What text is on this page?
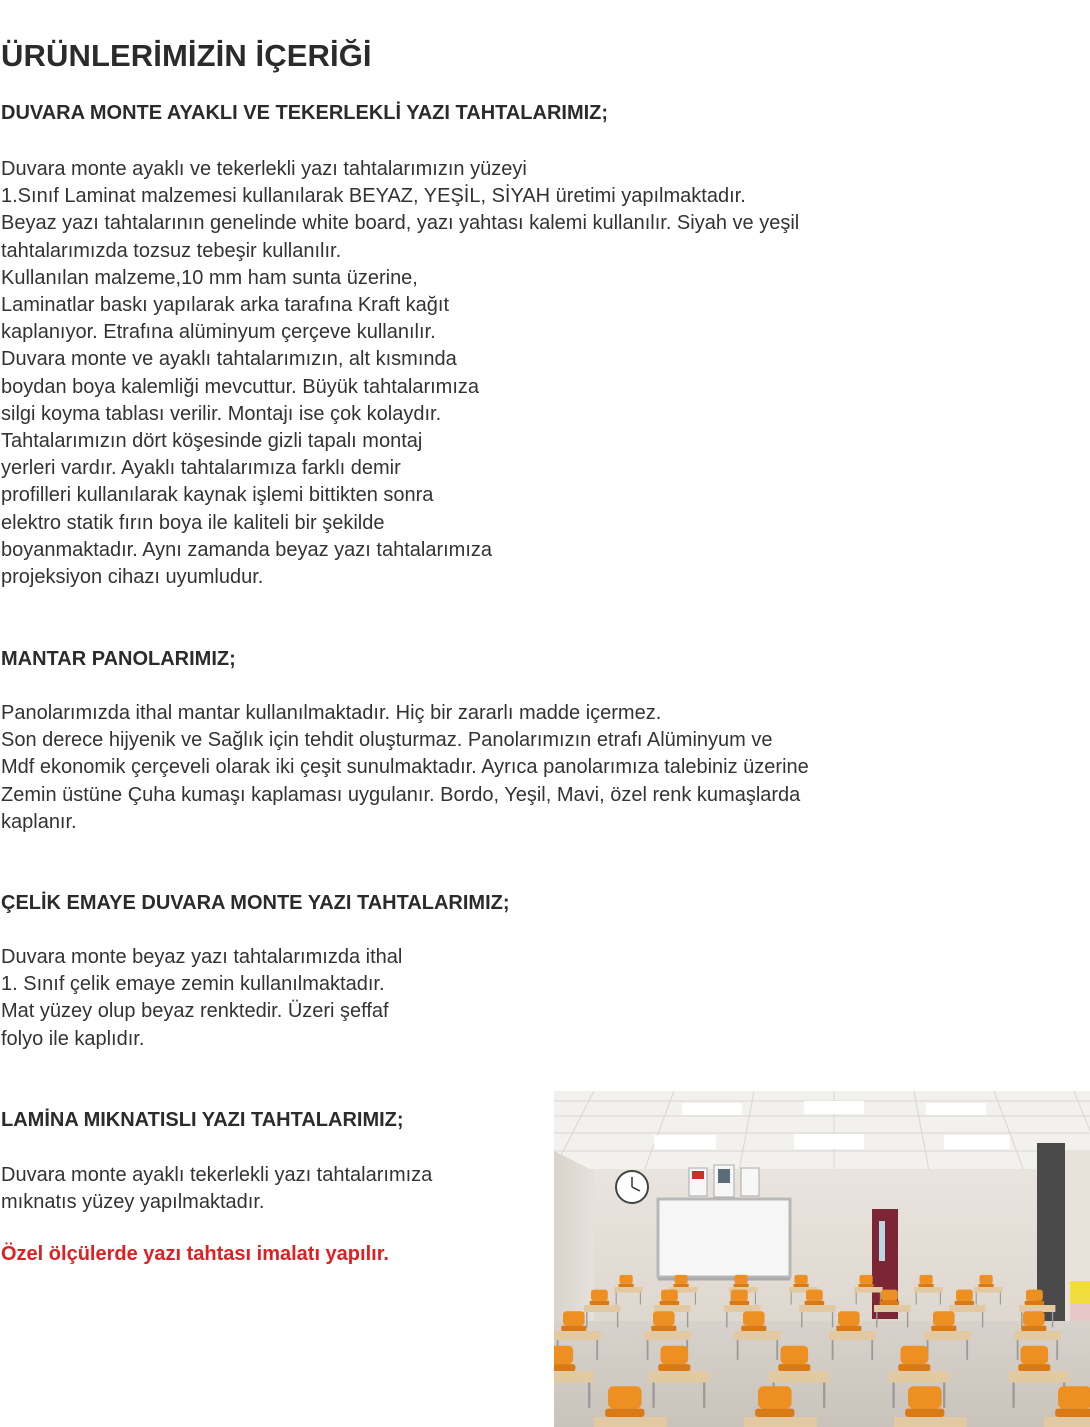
ÜRÜNLERİMİZİN İÇERİĞİ
DUVARA MONTE AYAKLI VE TEKERLEKLİ YAZI TAHTALARIMIZ;
Duvara monte ayaklı ve tekerlekli yazı tahtalarımızın yüzeyi
1.Sınıf Laminat malzemesi kullanılarak BEYAZ, YEŞİL, SİYAH üretimi yapılmaktadır.
Beyaz yazı tahtalarının genelinde white board, yazı yahtası kalemi kullanılır. Siyah ve yeşil
tahtalarımızda tozsuz tebeşir kullanılır.
Kullanılan malzeme,10 mm ham sunta üzerine,
Laminatlar baskı yapılarak arka tarafına Kraft kağıt
kaplanıyor. Etrafına alüminyum çerçeve kullanılır.
Duvara monte ve ayaklı tahtalarımızın, alt kısmında
boydan boya kalemliği mevcuttur. Büyük tahtalarımıza
silgi koyma tablası verilir. Montajı ise çok kolaydır.
Tahtalarımızın dört köşesinde gizli tapalı montaj
yerleri vardır. Ayaklı tahtalarımıza farklı demir
profilleri kullanılarak kaynak işlemi bittikten sonra
elektro statik fırın boya ile kaliteli bir şekilde
boyanmaktadır. Aynı zamanda beyaz yazı tahtalarımıza
projeksiyon cihazı uyumludur.
MANTAR PANOLARIMIZ;
Panolarımızda ithal mantar kullanılmaktadır. Hiç bir zararlı madde içermez.
Son derece hijyenik ve Sağlık için tehdit oluşturmaz. Panolarımızın etrafı Alüminyum ve
Mdf ekonomik çerçeveli olarak iki çeşit sunulmaktadır. Ayrıca panolarımıza talebiniz üzerine
Zemin üstüne Çuha kumaşı kaplaması uygulanır. Bordo, Yeşil, Mavi, özel renk kumaşlarda
kaplanır.
ÇELİK EMAYE DUVARA MONTE YAZI TAHTALARIMIZ;
Duvara monte beyaz yazı tahtalarımızda ithal
1. Sınıf çelik emaye zemin kullanılmaktadır.
Mat yüzey olup beyaz renktedir. Üzeri şeffaf
folyo ile kaplıdır.
LAMİNA MIKNATISLI YAZI TAHTALARIMIZ;
Duvara monte ayaklı tekerlekli yazı tahtalarımıza
mıknatıs yüzey yapılmaktadır.

Özel ölçülerde yazı tahtası imalatı yapılır.
